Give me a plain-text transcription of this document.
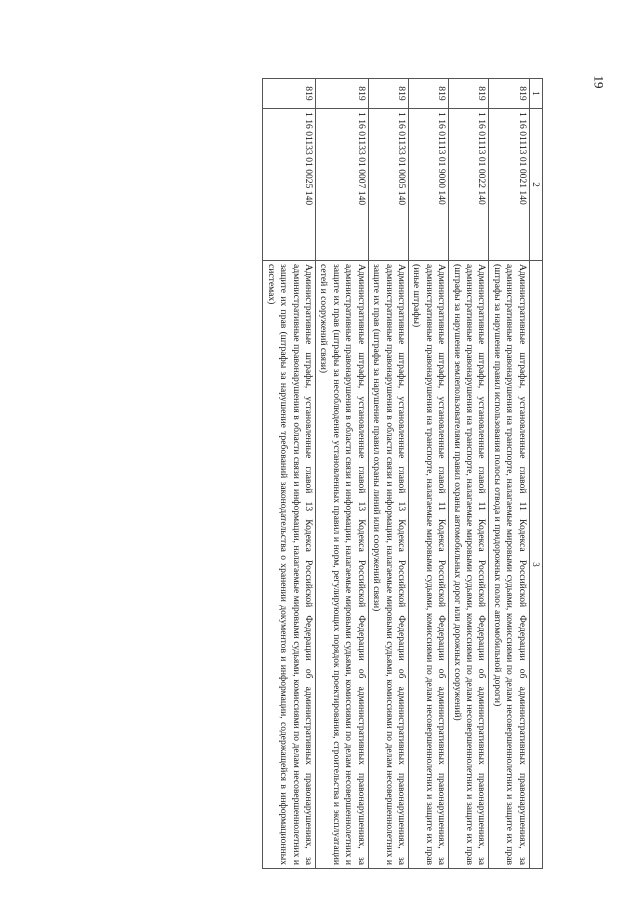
19
1	2	3
819	1 16 01113 01 0021 140	Административные штрафы, установленные главой 11 Кодекса Российской Федерации об административных правонарушениях, за административные правонарушения на транспорте, налагаемые мировыми судьями, комиссиями по делам несовершеннолетних и защите их прав (штрафы за нарушение правил использования полосы отвода и придорожных полос автомобильной дороги)
819	1 16 01113 01 0022 140	Административные штрафы, установленные главой 11 Кодекса Российской Федерации об административных правонарушениях, за административные правонарушения на транспорте, налагаемые мировыми судьями, комиссиями по делам несовершеннолетних и защите их прав (штрафы за нарушение землепользователями правил охраны автомобильных дорог или дорожных сооружений)
819	1 16 01113 01 9000 140	Административные штрафы, установленные главой 11 Кодекса Российской Федерации об административных правонарушениях, за административные правонарушения на транспорте, налагаемые мировыми судьями, комиссиями по делам несовершеннолетних и защите их прав (иные штрафы)
819	1 16 01133 01 0005 140	Административные штрафы, установленные главой 13 Кодекса Российской Федерации об административных правонарушениях, за административные правонарушения в области связи и информации, налагаемые мировыми судьями, комиссиями по делам несовершеннолетних и защите их прав (штрафы за нарушение правил охраны линий или сооружений связи)
819	1 16 01133 01 0007 140	Административные штрафы, установленные главой 13 Кодекса Российской Федерации об административных правонарушениях, за административные правонарушения в области связи и информации, налагаемые мировыми судьями, комиссиями по делам несовершеннолетних и защите их прав (штрафы за несоблюдение установленных правил и норм, регулирующих порядок проектирования, строительства и эксплуатации сетей и сооружений связи)
819	1 16 01133 01 0025 140	Административные штрафы, установленные главой 13 Кодекса Российской Федерации об административных правонарушениях, за административные правонарушения в области связи и информации, налагаемые мировыми судьями, комиссиями по делам несовершеннолетних и защите их прав (штрафы за нарушение требований законодательства о хранении документов и информации, содержащейся в информационных системах)
